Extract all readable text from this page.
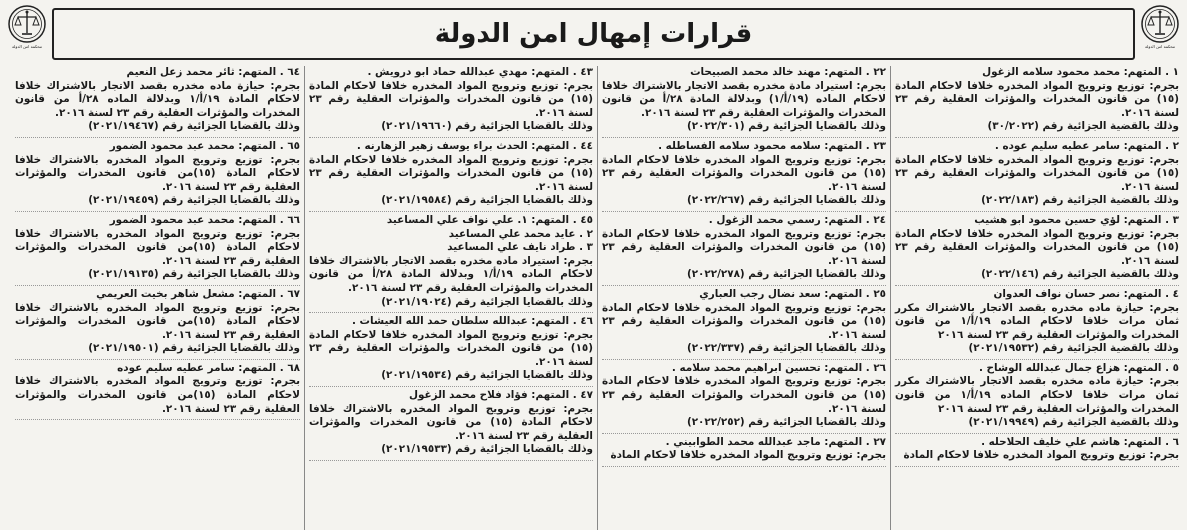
محكمة امن الدولة
قرارات إمهال امن الدولة
محكمة امن الدولة
١ . المتهم: محمد محمود سلامه الزغول
بجرم: توزيع وترويج المواد المخدره خلافا لاحكام المادة (١٥) من قانون المخدرات والمؤثرات العقلية رقم ٢٣ لسنة ٢٠١٦.
وذلك بالقضية الجزائية رقم (٣٠/٢٠٢٢)
٢ . المتهم: سامر عطيه سليم عوده .
بجرم: توزيع وترويج المواد المخدره خلافا لاحكام المادة (١٥) من قانون المخدرات والمؤثرات العقلية رقم ٢٣ لسنة ٢٠١٦.
وذلك بالقضية الجزائية رقم (٢٠٢٢/١٨٣)
٣ . المتهم: لؤي حسين محمود ابو هشيب
بجرم: توزيع وترويج المواد المخدره خلافا لاحكام المادة (١٥) من قانون المخدرات والمؤثرات العقلية رقم ٢٣ لسنة ٢٠١٦.
وذلك بالقضية الجزائية رقم (٢٠٢٢/١٤٦)
٤ . المتهم: نصر حسان نواف العدوان
بجرم: حيازة ماده مخدره بقصد الاتجار بالاشتراك مكرر ثمان مرات خلافا لاحكام الماده ١٩/أ/١ من قانون المخدرات والمؤثرات العقلية رقم ٢٣ لسنة ٢٠١٦
وذلك بالقضية الجزائية رقم (٢٠٢١/١٩٥٣٢)
٥ . المتهم: هزاع جمال عبدالله الوشاح .
بجرم: حيازة ماده مخدره بقصد الاتجار بالاشتراك مكرر ثمان مرات خلافا لاحكام الماده ١٩/أ/١ من قانون المخدرات والمؤثرات العقلية رقم ٢٣ لسنة ٢٠١٦
وذلك بالقضية الجزائية رقم (٢٠٢١/١٩٩٤٩)
٦ . المتهم: هاشم علي خليف الحلاحله .
بجرم: توزيع وترويج المواد المخدره خلافا لاحكام المادة
٢٢ . المتهم: مهند خالد محمد الصبيحات
بجرم: استيراد مادة مخدره بقصد الاتجار بالاشتراك خلافا لاحكام الماده (١٩/أ/١) وبدلالة المادة ٢٨/أ من قانون المخدرات والمؤثرات العقلية رقم ٢٣ لسنة ٢٠١٦.
وذلك بالقضايا الجزائية رقم (٢٠٢٢/٣٠١)
٢٣ . المتهم: سلامه محمود سلامه الفساطله .
بجرم: توزيع وترويج المواد المخدره خلافا لاحكام المادة (١٥) من قانون المخدرات والمؤثرات العقلية رقم ٢٣ لسنة ٢٠١٦.
وذلك بالقضايا الجزائية رقم (٢٠٢٢/٢٦٧)
٢٤ . المتهم: رسمي محمد الزغول .
بجرم: توزيع وترويج المواد المخدره خلافا لاحكام المادة (١٥) من قانون المخدرات والمؤثرات العقلية رقم ٢٣ لسنة ٢٠١٦.
وذلك بالقضايا الجزائية رقم (٢٠٢٢/٢٧٨)
٢٥ . المتهم: سعد نضال رجب العباري
بجرم: توزيع وترويج المواد المخدره خلافا لاحكام المادة (١٥) من قانون المخدرات والمؤثرات العقلية رقم ٢٣ لسنة ٢٠١٦.
وذلك بالقضايا الجزائية رقم (٢٠٢٢/٣٣٧)
٢٦ . المتهم: تحسين ابراهيم محمد سلامه .
بجرم: توزيع وترويج المواد المخدره خلافا لاحكام المادة (١٥) من قانون المخدرات والمؤثرات العقلية رقم ٢٣ لسنة ٢٠١٦.
وذلك بالقضايا الجزائية رقم (٢٠٢٢/٢٥٢)
٢٧ . المتهم: ماجد عبدالله محمد الطوابيني .
بجرم: توزيع وترويج المواد المخدره خلافا لاحكام المادة
٤٣ . المتهم: مهدي عبدالله حماد ابو درويش .
بجرم: توزيع وترويج المواد المخدره خلافا لاحكام المادة (١٥) من قانون المخدرات والمؤثرات العقلية رقم ٢٣ لسنة ٢٠١٦.
وذلك بالقضايا الجزائية رقم (٢٠٢١/١٩٦٦٠)
٤٤ . المتهم: الحدث براء يوسف زهير الزهارنه .
بجرم: توزيع وترويج المواد المخدره خلافا لاحكام المادة (١٥) من قانون المخدرات والمؤثرات العقلية رقم ٢٣ لسنة ٢٠١٦.
وذلك بالقضايا الجزائية رقم (٢٠٢١/١٩٥٨٤)
٤٥ . المتهم: ١. علي نواف علي المساعيد
٢ . عايد محمد علي المساعيد
٣ . طراد نايف علي المساعيد
بجرم: استيراد ماده مخدره بقصد الاتجار بالاشتراك خلافا لاحكام الماده ١٩/أ/١ وبدلالة المادة ٢٨/أ من قانون المخدرات والمؤثرات العقلية رقم ٢٣ لسنة ٢٠١٦.
وذلك بالقضايا الجزائية رقم (٢٠٢١/١٩٠٢٤)
٤٦ . المتهم: عبدالله سلطان حمد الله العيشات .
بجرم: توزيع وترويج المواد المخدره خلافا لاحكام المادة (١٥) من قانون المخدرات والمؤثرات العقلية رقم ٢٣ لسنة ٢٠١٦.
وذلك بالقضايا الجزائية رقم (٢٠٢١/١٩٥٣٤)
٤٧ . المتهم: فؤاد فلاح محمد الزغول
بجرم: توزيع وترويج المواد المخدره بالاشتراك خلافا لاحكام المادة (١٥) من قانون المخدرات والمؤثرات العقلية رقم ٢٣ لسنة ٢٠١٦.
وذلك بالقضايا الجزائية رقم (٢٠٢١/١٩٥٣٣)
٦٤ . المتهم: ثائر محمد زعل النعيم
بجرم: حيازة ماده مخدره بقصد الاتجار بالاشتراك خلافا لاحكام المادة ١٩/أ/١ وبدلالة الماده ٢٨/أ من قانون المخدرات والمؤثرات العقلية رقم ٢٣ لسنة ٢٠١٦.
وذلك بالقضايا الجزائية رقم (٢٠٢١/١٩٤٦٧)
٦٥ . المتهم: محمد عبد محمود الضمور
بجرم: توزيع وترويج المواد المخدره بالاشتراك خلافا لاحكام المادة (١٥)من قانون المخدرات والمؤثرات العقلية رقم ٢٣ لسنة ٢٠١٦.
وذلك بالقضايا الجزائية رقم (٢٠٢١/١٩٤٥٩)
٦٦ . المتهم: محمد عبد محمود الضمور
بجرم: توزيع وترويج المواد المخدره بالاشتراك خلافا لاحكام المادة (١٥)من قانون المخدرات والمؤثرات العقلية رقم ٢٣ لسنة ٢٠١٦.
وذلك بالقضايا الجزائية رقم (٢٠٢١/١٩١٣٥)
٦٧ . المتهم: مشعل شاهر بخيت العريمي
بجرم: توزيع وترويج المواد المخدره بالاشتراك خلافا لاحكام المادة (١٥)من قانون المخدرات والمؤثرات العقلية رقم ٢٣ لسنة ٢٠١٦.
وذلك بالقضايا الجزائية رقم (٢٠٢١/١٩٥٠١)
٦٨ . المتهم: سامر عطيه سليم عوده
بجرم: توزيع وترويج المواد المخدره بالاشتراك خلافا لاحكام المادة (١٥)من قانون المخدرات والمؤثرات العقلية رقم ٢٣ لسنة ٢٠١٦.
